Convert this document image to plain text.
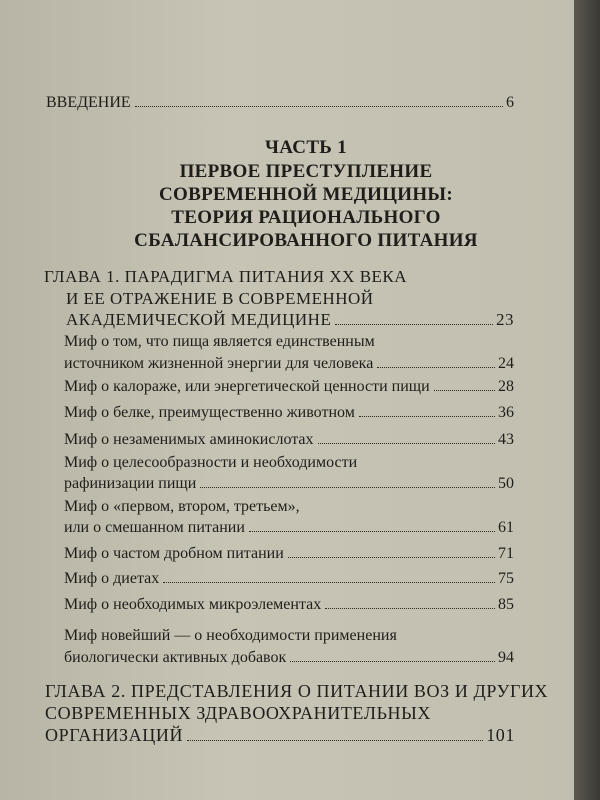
ВВЕДЕНИЕ	6
ЧАСТЬ 1
ПЕРВОЕ ПРЕСТУПЛЕНИЕ
СОВРЕМЕННОЙ МЕДИЦИНЫ:
ТЕОРИЯ РАЦИОНАЛЬНОГО
СБАЛАНСИРОВАННОГО ПИТАНИЯ
ГЛАВА 1. ПАРАДИГМА ПИТАНИЯ XX ВЕКА
И ЕЕ ОТРАЖЕНИЕ В СОВРЕМЕННОЙ
АКАДЕМИЧЕСКОЙ МЕДИЦИНЕ	23
Миф о том, что пища является единственным
источником жизненной энергии для человека	24
Миф о калораже, или энергетической ценности пищи	28
Миф о белке, преимущественно животном	36
Миф о незаменимых аминокислотах	43
Миф о целесообразности и необходимости
рафинизации пищи	50
Миф о «первом, втором, третьем»,
или о смешанном питании	61
Миф о частом дробном питании	71
Миф о диетах	75
Миф о необходимых микроэлементах	85
Миф новейший — о необходимости применения
биологически активных добавок	94
ГЛАВА 2. ПРЕДСТАВЛЕНИЯ О ПИТАНИИ ВОЗ И ДРУГИХ
СОВРЕМЕННЫХ ЗДРАВООХРАНИТЕЛЬНЫХ
ОРГАНИЗАЦИЙ	101
